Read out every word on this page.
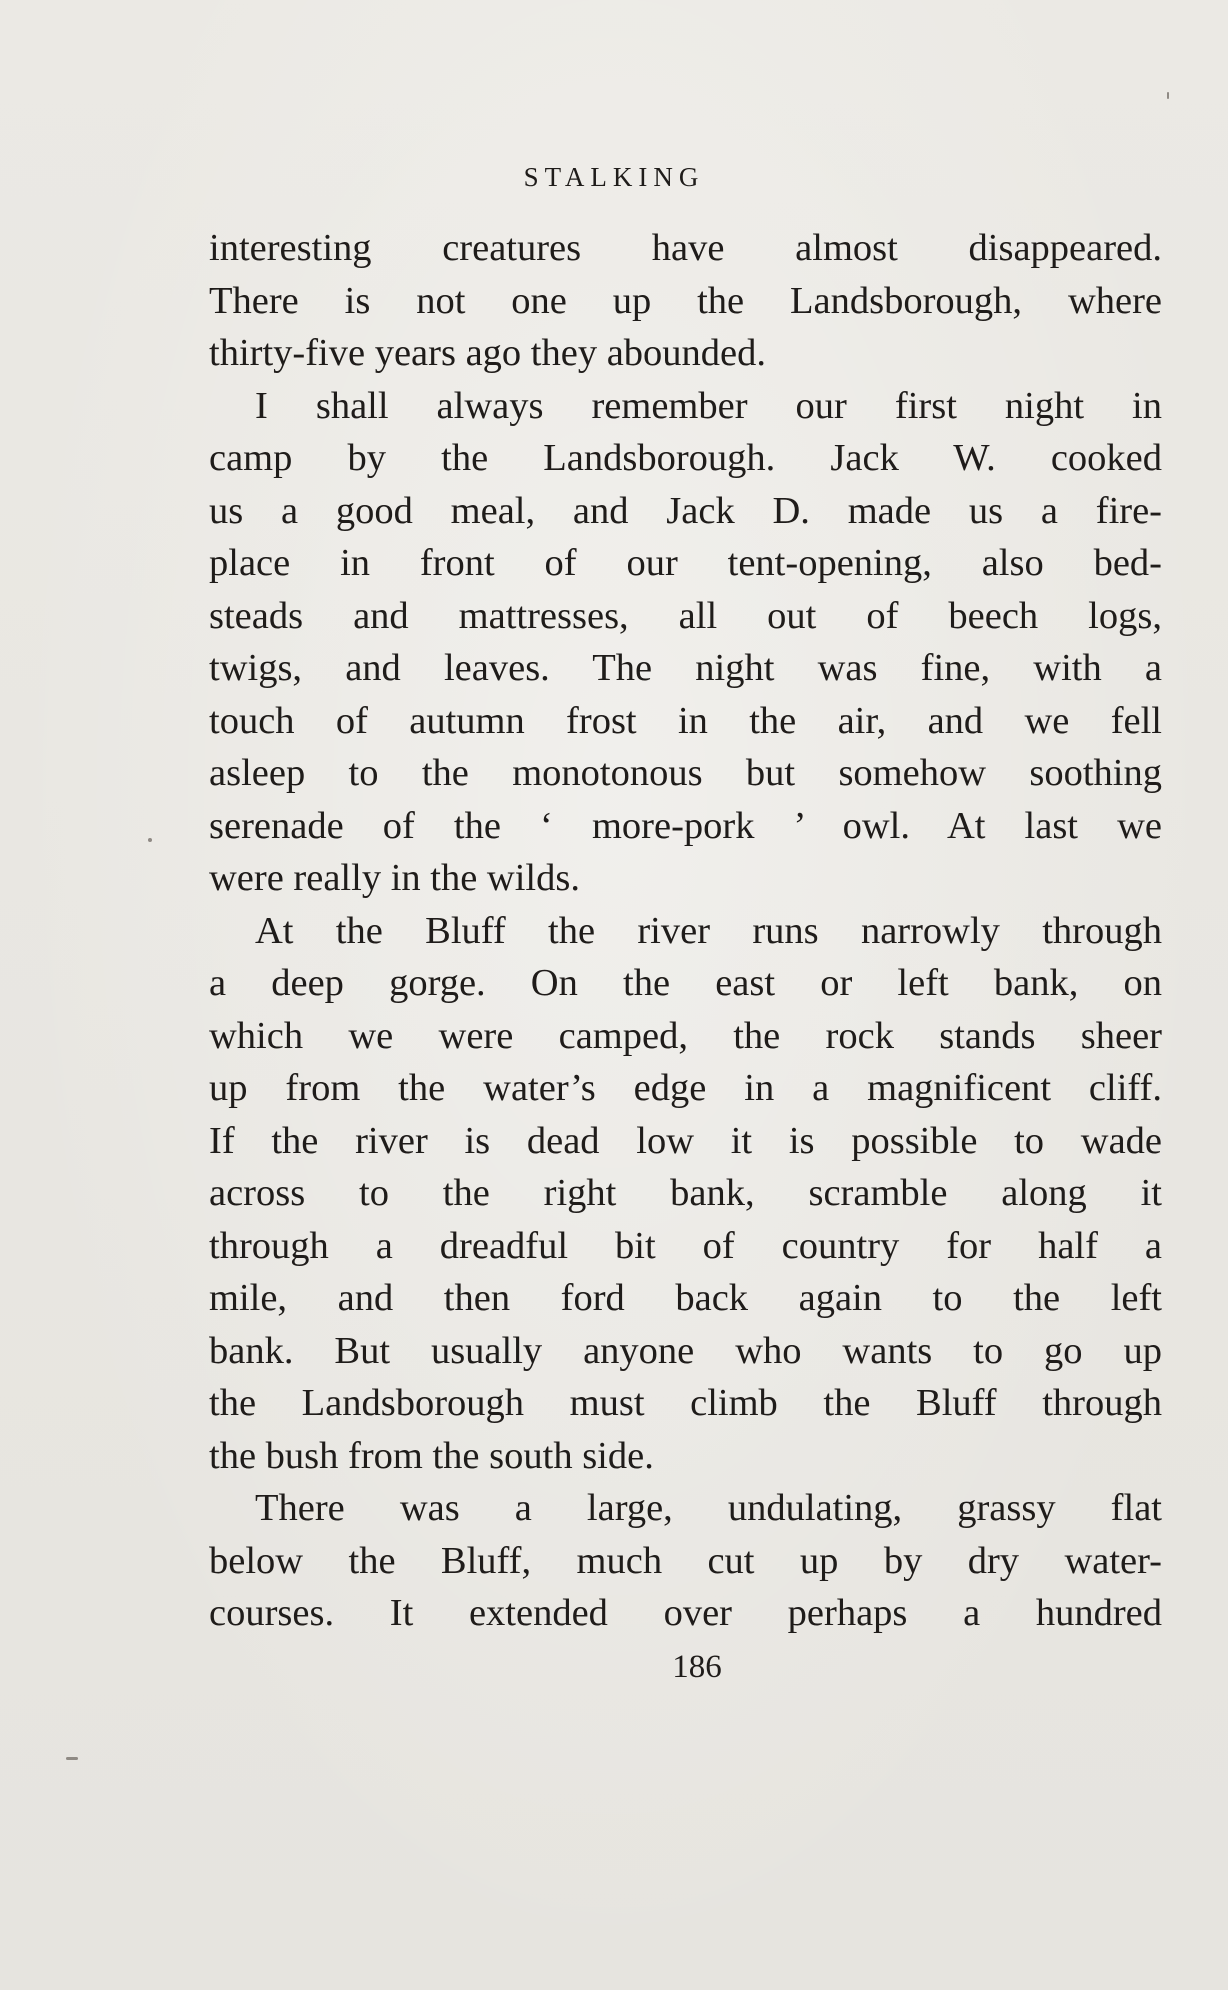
STALKING
interesting creatures have almost disappeared.
There is not one up the Landsborough, where
thirty-five years ago they abounded.
I shall always remember our first night in
camp by the Landsborough. Jack W. cooked
us a good meal, and Jack D. made us a fire-
place in front of our tent-opening, also bed-
steads and mattresses, all out of beech logs,
twigs, and leaves. The night was fine, with a
touch of autumn frost in the air, and we fell
asleep to the monotonous but somehow soothing
serenade of the ‘ more-pork ’ owl. At last we
were really in the wilds.
At the Bluff the river runs narrowly through
a deep gorge. On the east or left bank, on
which we were camped, the rock stands sheer
up from the water’s edge in a magnificent cliff.
If the river is dead low it is possible to wade
across to the right bank, scramble along it
through a dreadful bit of country for half a
mile, and then ford back again to the left
bank. But usually anyone who wants to go up
the Landsborough must climb the Bluff through
the bush from the south side.
There was a large, undulating, grassy flat
below the Bluff, much cut up by dry water-
courses. It extended over perhaps a hundred
186
